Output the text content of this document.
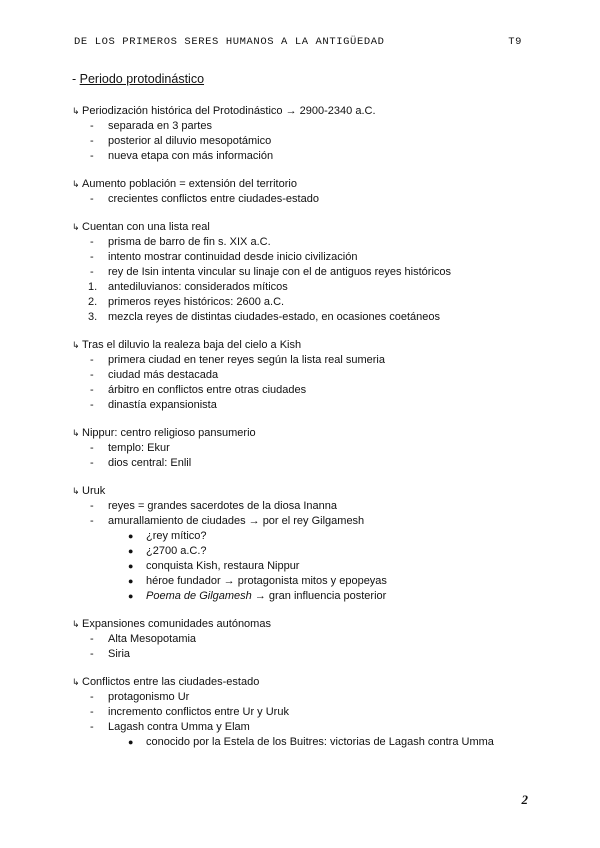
DE LOS PRIMEROS SERES HUMANOS A LA ANTIGÜEDAD	T9
- Periodo protodinástico
↳ Periodización histórica del Protodinástico → 2900-2340 a.C.
- separada en 3 partes
- posterior al diluvio mesopotámico
- nueva etapa con más información
↳ Aumento población = extensión del territorio
- crecientes conflictos entre ciudades-estado
↳ Cuentan con una lista real
- prisma de barro de fin s. XIX a.C.
- intento mostrar continuidad desde inicio civilización
- rey de Isin intenta vincular su linaje con el de antiguos reyes históricos
1. antediluvianos: considerados míticos
2. primeros reyes históricos: 2600 a.C.
3. mezcla reyes de distintas ciudades-estado, en ocasiones coetáneos
↳ Tras el diluvio la realeza baja del cielo a Kish
- primera ciudad en tener reyes según la lista real sumeria
- ciudad más destacada
- árbitro en conflictos entre otras ciudades
- dinastía expansionista
↳ Nippur: centro religioso pansumerio
- templo: Ekur
- dios central: Enlil
↳ Uruk
- reyes = grandes sacerdotes de la diosa Inanna
- amurallamiento de ciudades → por el rey Gilgamesh
● ¿rey mítico?
● ¿2700 a.C.?
● conquista Kish, restaura Nippur
● héroe fundador → protagonista mitos y epopeyas
● Poema de Gilgamesh → gran influencia posterior
↳ Expansiones comunidades autónomas
- Alta Mesopotamia
- Siria
↳ Conflictos entre las ciudades-estado
- protagonismo Ur
- incremento conflictos entre Ur y Uruk
- Lagash contra Umma y Elam
● conocido por la Estela de los Buitres: victorias de Lagash contra Umma
2
